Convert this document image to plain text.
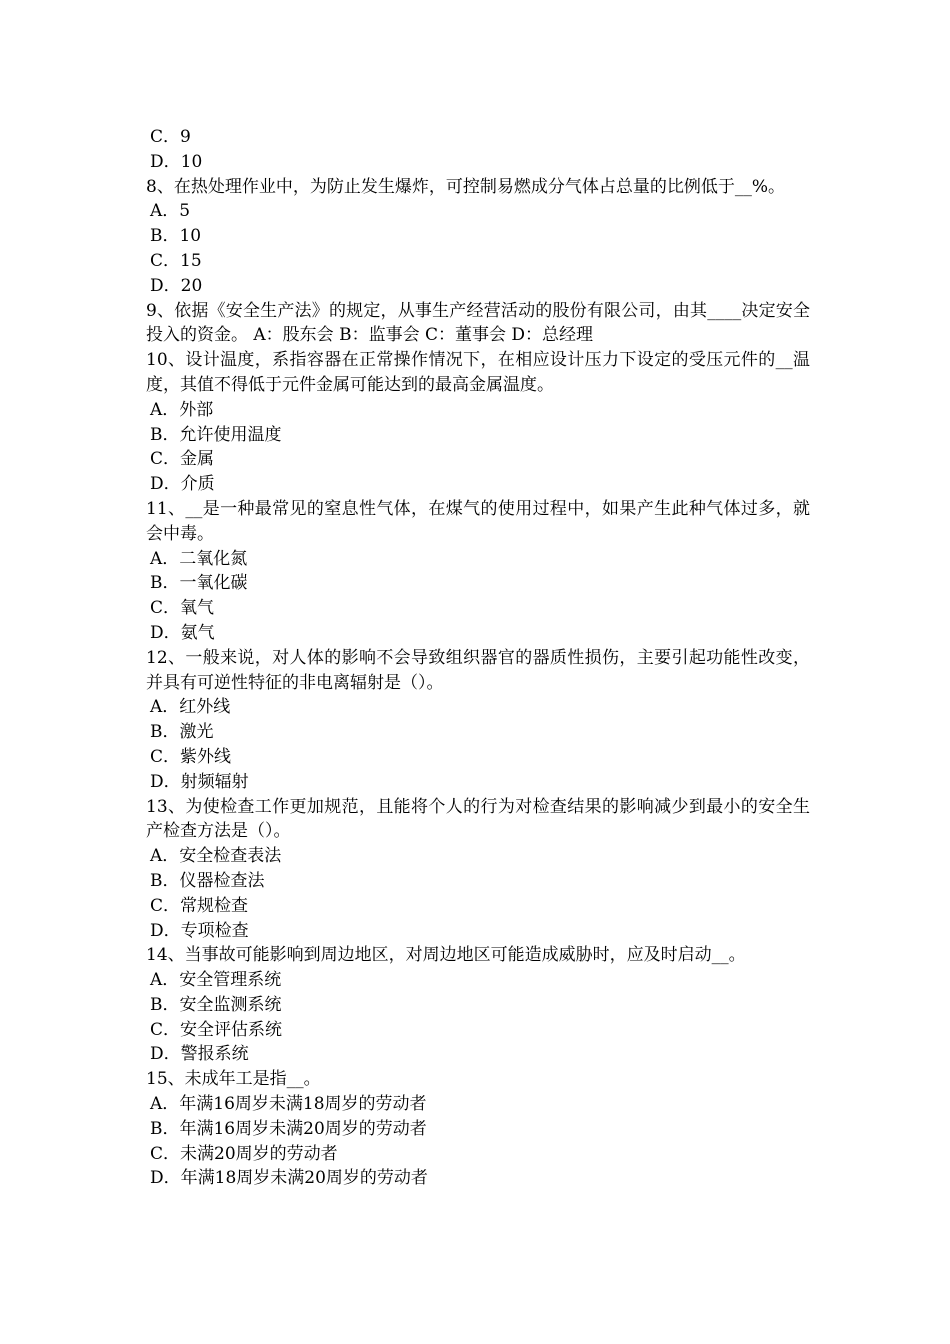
C．9
D．10
8、在热处理作业中，为防止发生爆炸，可控制易燃成分气体占总量的比例低于__%。
A．5
B．10
C．15
D．20
9、依据《安全生产法》的规定，从事生产经营活动的股份有限公司，由其____决定安全投入的资金。 A：股东会 B：监事会 C：董事会 D：总经理
10、设计温度，系指容器在正常操作情况下，在相应设计压力下设定的受压元件的__温度，其值不得低于元件金属可能达到的最高金属温度。
A．外部
B．允许使用温度
C．金属
D．介质
11、__是一种最常见的窒息性气体，在煤气的使用过程中，如果产生此种气体过多，就会中毒。
A．二氧化氮
B．一氧化碳
C．氧气
D．氨气
12、一般来说，对人体的影响不会导致组织器官的器质性损伤，主要引起功能性改变，并具有可逆性特征的非电离辐射是（）。
A．红外线
B．激光
C．紫外线
D．射频辐射
13、为使检查工作更加规范，且能将个人的行为对检查结果的影响减少到最小的安全生产检查方法是（）。
A．安全检查表法
B．仪器检查法
C．常规检查
D．专项检查
14、当事故可能影响到周边地区，对周边地区可能造成威胁时，应及时启动__。
A．安全管理系统
B．安全监测系统
C．安全评估系统
D．警报系统
15、未成年工是指__。
A．年满16周岁未满18周岁的劳动者
B．年满16周岁未满20周岁的劳动者
C．未满20周岁的劳动者
D．年满18周岁未满20周岁的劳动者
